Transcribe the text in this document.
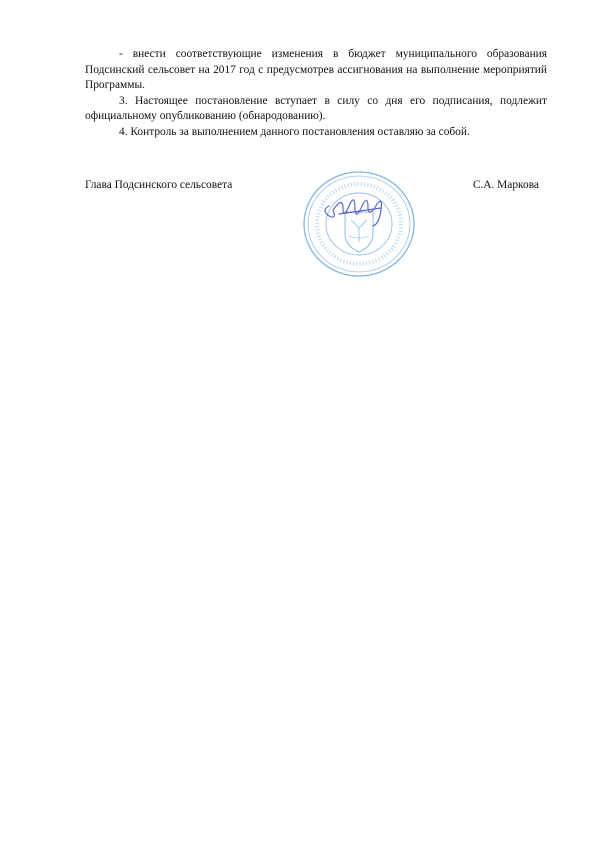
- внести соответствующие изменения в бюджет муниципального образования Подсинский сельсовет на 2017 год с предусмотрев ассигнования на выполнение мероприятий Программы.

3. Настоящее постановление вступает в силу со дня его подписания, подлежит официальному опубликованию (обнародованию).

4. Контроль за выполнением данного постановления оставляю за собой.

Глава Подсинского сельсовета	С.А. Маркова
